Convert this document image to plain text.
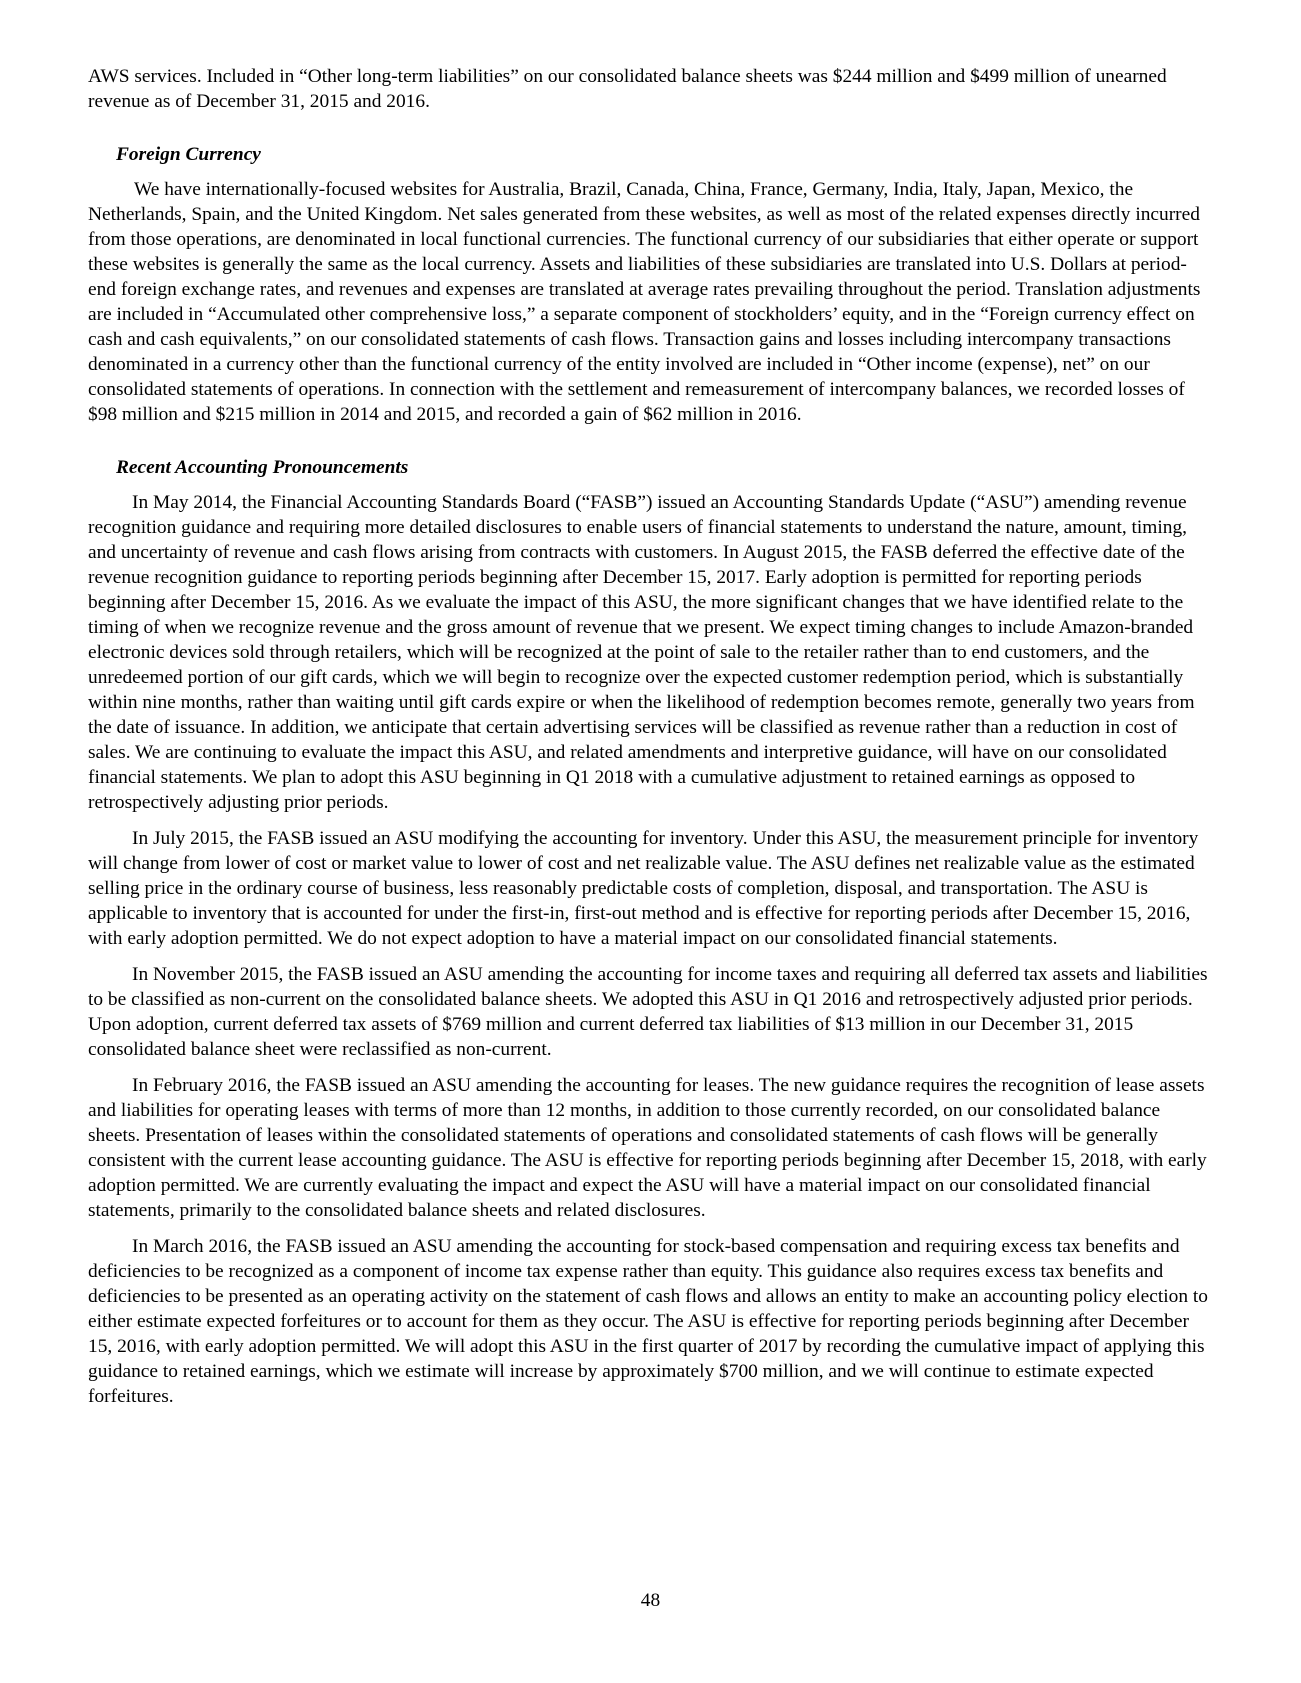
AWS services. Included in “Other long-term liabilities” on our consolidated balance sheets was $244 million and $499 million of unearned revenue as of December 31, 2015 and 2016.

Foreign Currency

We have internationally-focused websites for Australia, Brazil, Canada, China, France, Germany, India, Italy, Japan, Mexico, the Netherlands, Spain, and the United Kingdom. Net sales generated from these websites, as well as most of the related expenses directly incurred from those operations, are denominated in local functional currencies. The functional currency of our subsidiaries that either operate or support these websites is generally the same as the local currency. Assets and liabilities of these subsidiaries are translated into U.S. Dollars at period-end foreign exchange rates, and revenues and expenses are translated at average rates prevailing throughout the period. Translation adjustments are included in “Accumulated other comprehensive loss,” a separate component of stockholders’ equity, and in the “Foreign currency effect on cash and cash equivalents,” on our consolidated statements of cash flows. Transaction gains and losses including intercompany transactions denominated in a currency other than the functional currency of the entity involved are included in “Other income (expense), net” on our consolidated statements of operations. In connection with the settlement and remeasurement of intercompany balances, we recorded losses of $98 million and $215 million in 2014 and 2015, and recorded a gain of $62 million in 2016.

Recent Accounting Pronouncements

In May 2014, the Financial Accounting Standards Board (“FASB”) issued an Accounting Standards Update (“ASU”) amending revenue recognition guidance and requiring more detailed disclosures to enable users of financial statements to understand the nature, amount, timing, and uncertainty of revenue and cash flows arising from contracts with customers. In August 2015, the FASB deferred the effective date of the revenue recognition guidance to reporting periods beginning after December 15, 2017. Early adoption is permitted for reporting periods beginning after December 15, 2016. As we evaluate the impact of this ASU, the more significant changes that we have identified relate to the timing of when we recognize revenue and the gross amount of revenue that we present. We expect timing changes to include Amazon-branded electronic devices sold through retailers, which will be recognized at the point of sale to the retailer rather than to end customers, and the unredeemed portion of our gift cards, which we will begin to recognize over the expected customer redemption period, which is substantially within nine months, rather than waiting until gift cards expire or when the likelihood of redemption becomes remote, generally two years from the date of issuance. In addition, we anticipate that certain advertising services will be classified as revenue rather than a reduction in cost of sales. We are continuing to evaluate the impact this ASU, and related amendments and interpretive guidance, will have on our consolidated financial statements. We plan to adopt this ASU beginning in Q1 2018 with a cumulative adjustment to retained earnings as opposed to retrospectively adjusting prior periods.

In July 2015, the FASB issued an ASU modifying the accounting for inventory. Under this ASU, the measurement principle for inventory will change from lower of cost or market value to lower of cost and net realizable value. The ASU defines net realizable value as the estimated selling price in the ordinary course of business, less reasonably predictable costs of completion, disposal, and transportation. The ASU is applicable to inventory that is accounted for under the first-in, first-out method and is effective for reporting periods after December 15, 2016, with early adoption permitted. We do not expect adoption to have a material impact on our consolidated financial statements.

In November 2015, the FASB issued an ASU amending the accounting for income taxes and requiring all deferred tax assets and liabilities to be classified as non-current on the consolidated balance sheets. We adopted this ASU in Q1 2016 and retrospectively adjusted prior periods. Upon adoption, current deferred tax assets of $769 million and current deferred tax liabilities of $13 million in our December 31, 2015 consolidated balance sheet were reclassified as non-current.

In February 2016, the FASB issued an ASU amending the accounting for leases. The new guidance requires the recognition of lease assets and liabilities for operating leases with terms of more than 12 months, in addition to those currently recorded, on our consolidated balance sheets. Presentation of leases within the consolidated statements of operations and consolidated statements of cash flows will be generally consistent with the current lease accounting guidance. The ASU is effective for reporting periods beginning after December 15, 2018, with early adoption permitted. We are currently evaluating the impact and expect the ASU will have a material impact on our consolidated financial statements, primarily to the consolidated balance sheets and related disclosures.

In March 2016, the FASB issued an ASU amending the accounting for stock-based compensation and requiring excess tax benefits and deficiencies to be recognized as a component of income tax expense rather than equity. This guidance also requires excess tax benefits and deficiencies to be presented as an operating activity on the statement of cash flows and allows an entity to make an accounting policy election to either estimate expected forfeitures or to account for them as they occur. The ASU is effective for reporting periods beginning after December 15, 2016, with early adoption permitted. We will adopt this ASU in the first quarter of 2017 by recording the cumulative impact of applying this guidance to retained earnings, which we estimate will increase by approximately $700 million, and we will continue to estimate expected forfeitures.

48
